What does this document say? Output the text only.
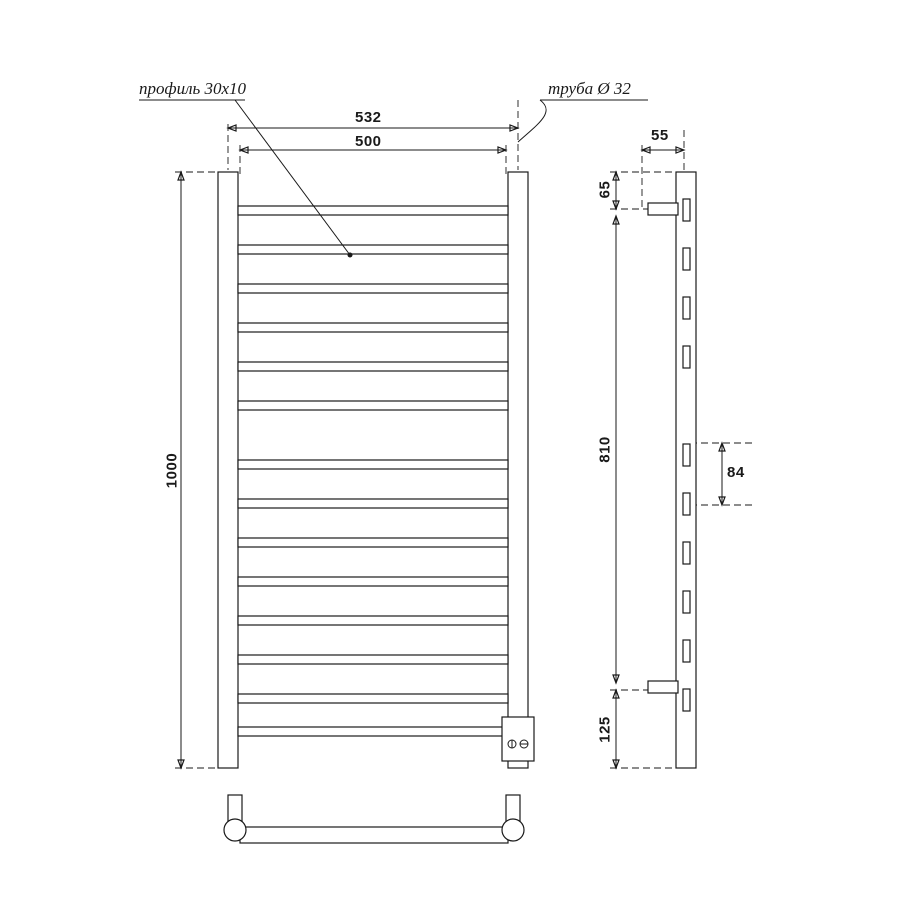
профиль 30x10	труба Ø 32
532
500
1000
55
65
810
84
125
